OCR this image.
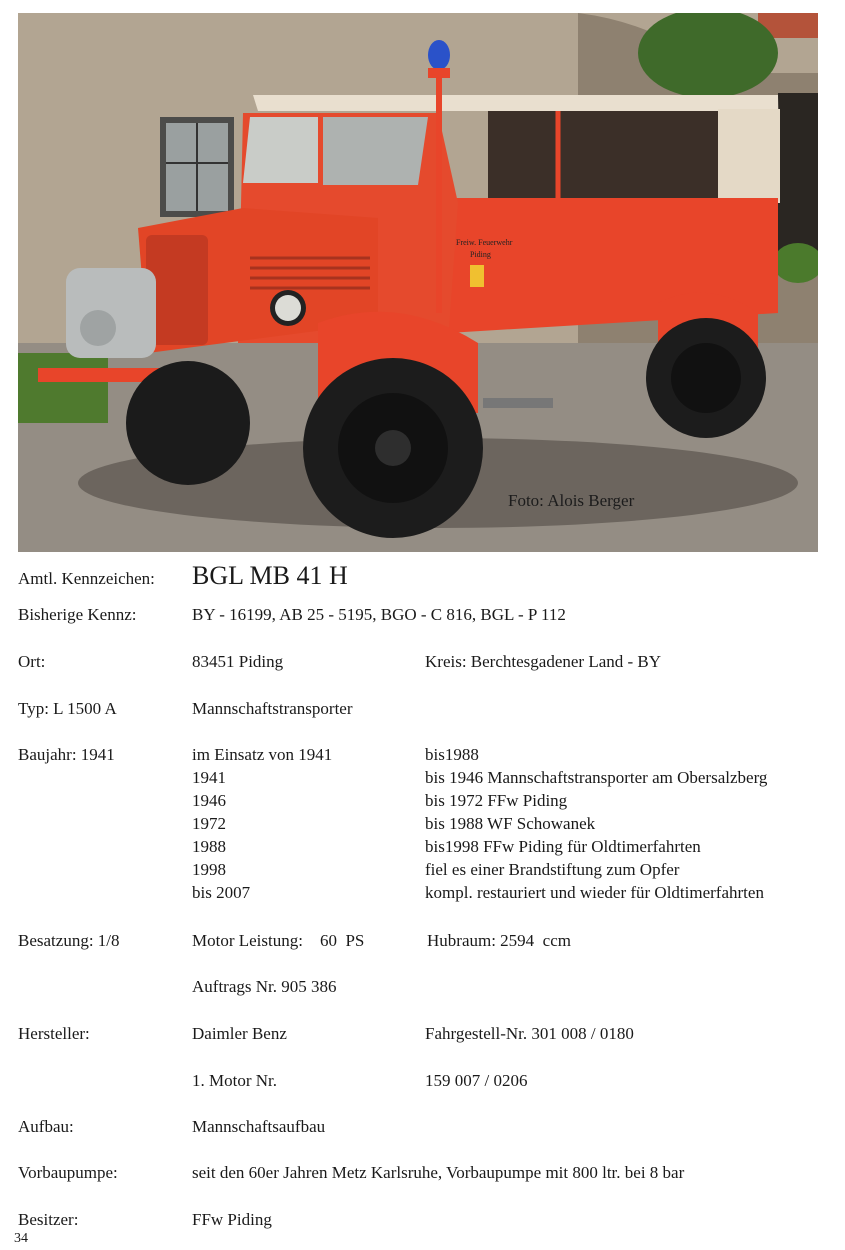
Freiw. Feuerwehr
Piding
Foto: Alois Berger
Amtl. Kennzeichen: BGL MB 41 H
Bisherige Kennz:	BY - 16199, AB 25 - 5195, BGO - C 816, BGL - P 112
Ort:	83451 Piding	Kreis: Berchtesgadener Land - BY
Typ: L 1500 A	Mannschaftstransporter
Baujahr: 1941	im Einsatz von 1941	bis1988
1941	bis 1946 Mannschaftstransporter am Obersalzberg
1946	bis 1972 FFw Piding
1972	bis 1988 WF Schowanek
1988	bis1998 FFw Piding für Oldtimerfahrten
1998	fiel es einer Brandstiftung zum Opfer
bis 2007	kompl. restauriert und wieder für Oldtimerfahrten
Besatzung: 1/8	Motor Leistung:    60  PS	Hubraum: 2594  ccm
Auftrags Nr. 905 386
Hersteller:	Daimler Benz	Fahrgestell-Nr. 301 008 / 0180
1. Motor Nr.	159 007 / 0206
Aufbau:	Mannschaftsaufbau
Vorbaupumpe:	seit den 60er Jahren Metz Karlsruhe, Vorbaupumpe mit 800 ltr. bei 8 bar
Besitzer:	FFw Piding
34
